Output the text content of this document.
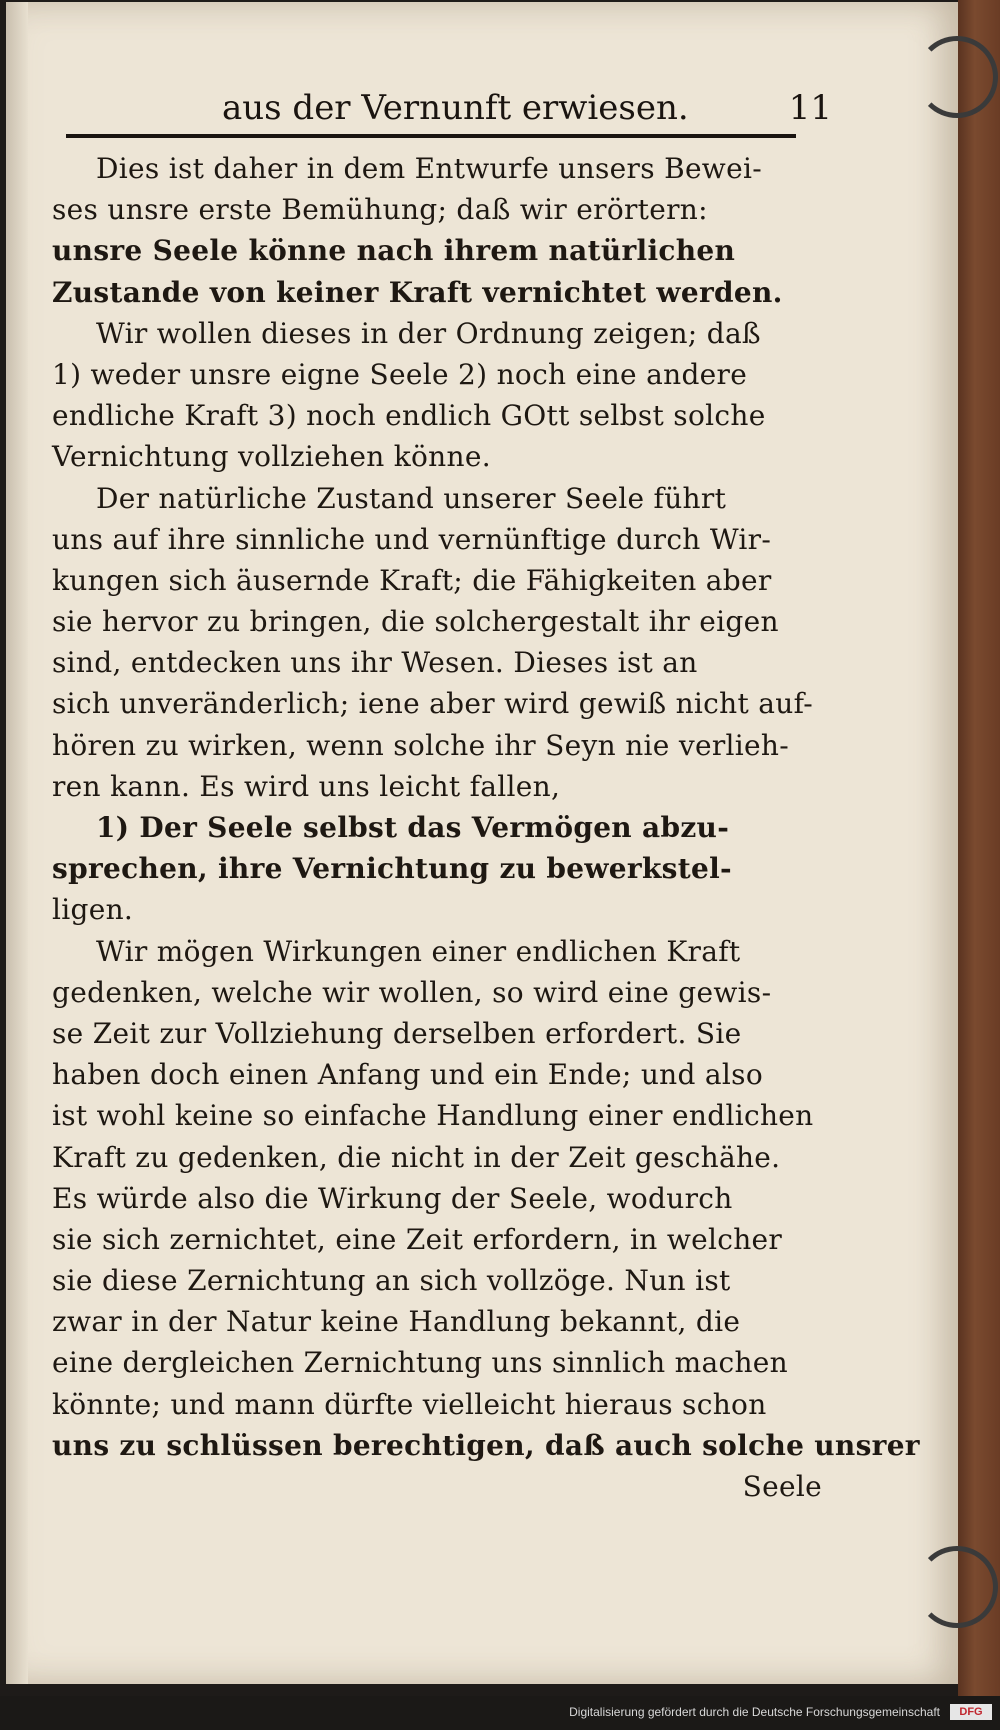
aus der Vernunft erwiesen.	11
Dies ist daher in dem Entwurfe unsers Bewei-
ses unsre erste Bemühung; daß wir erörtern:
unsre Seele könne nach ihrem natürlichen
Zustande von keiner Kraft vernichtet werden.
Wir wollen dieses in der Ordnung zeigen; daß
1) weder unsre eigne Seele 2) noch eine andere
endliche Kraft 3) noch endlich GOtt selbst solche
Vernichtung vollziehen könne.
Der natürliche Zustand unserer Seele führt
uns auf ihre sinnliche und vernünftige durch Wir-
kungen sich äusernde Kraft; die Fähigkeiten aber
sie hervor zu bringen, die solchergestalt ihr eigen
sind, entdecken uns ihr Wesen. Dieses ist an
sich unveränderlich; iene aber wird gewiß nicht auf-
hören zu wirken, wenn solche ihr Seyn nie verlieh-
ren kann. Es wird uns leicht fallen,
1) Der Seele selbst das Vermögen abzu-
sprechen, ihre Vernichtung zu bewerkstel-
ligen.
Wir mögen Wirkungen einer endlichen Kraft
gedenken, welche wir wollen, so wird eine gewis-
se Zeit zur Vollziehung derselben erfordert. Sie
haben doch einen Anfang und ein Ende; und also
ist wohl keine so einfache Handlung einer endlichen
Kraft zu gedenken, die nicht in der Zeit geschähe.
Es würde also die Wirkung der Seele, wodurch
sie sich zernichtet, eine Zeit erfordern, in welcher
sie diese Zernichtung an sich vollzöge. Nun ist
zwar in der Natur keine Handlung bekannt, die
eine dergleichen Zernichtung uns sinnlich machen
könnte; und mann dürfte vielleicht hieraus schon
uns zu schlüssen berechtigen, daß auch solche unsrer
Seele
Digitalisierung gefördert durch die Deutsche Forschungsgemeinschaft	DFG
